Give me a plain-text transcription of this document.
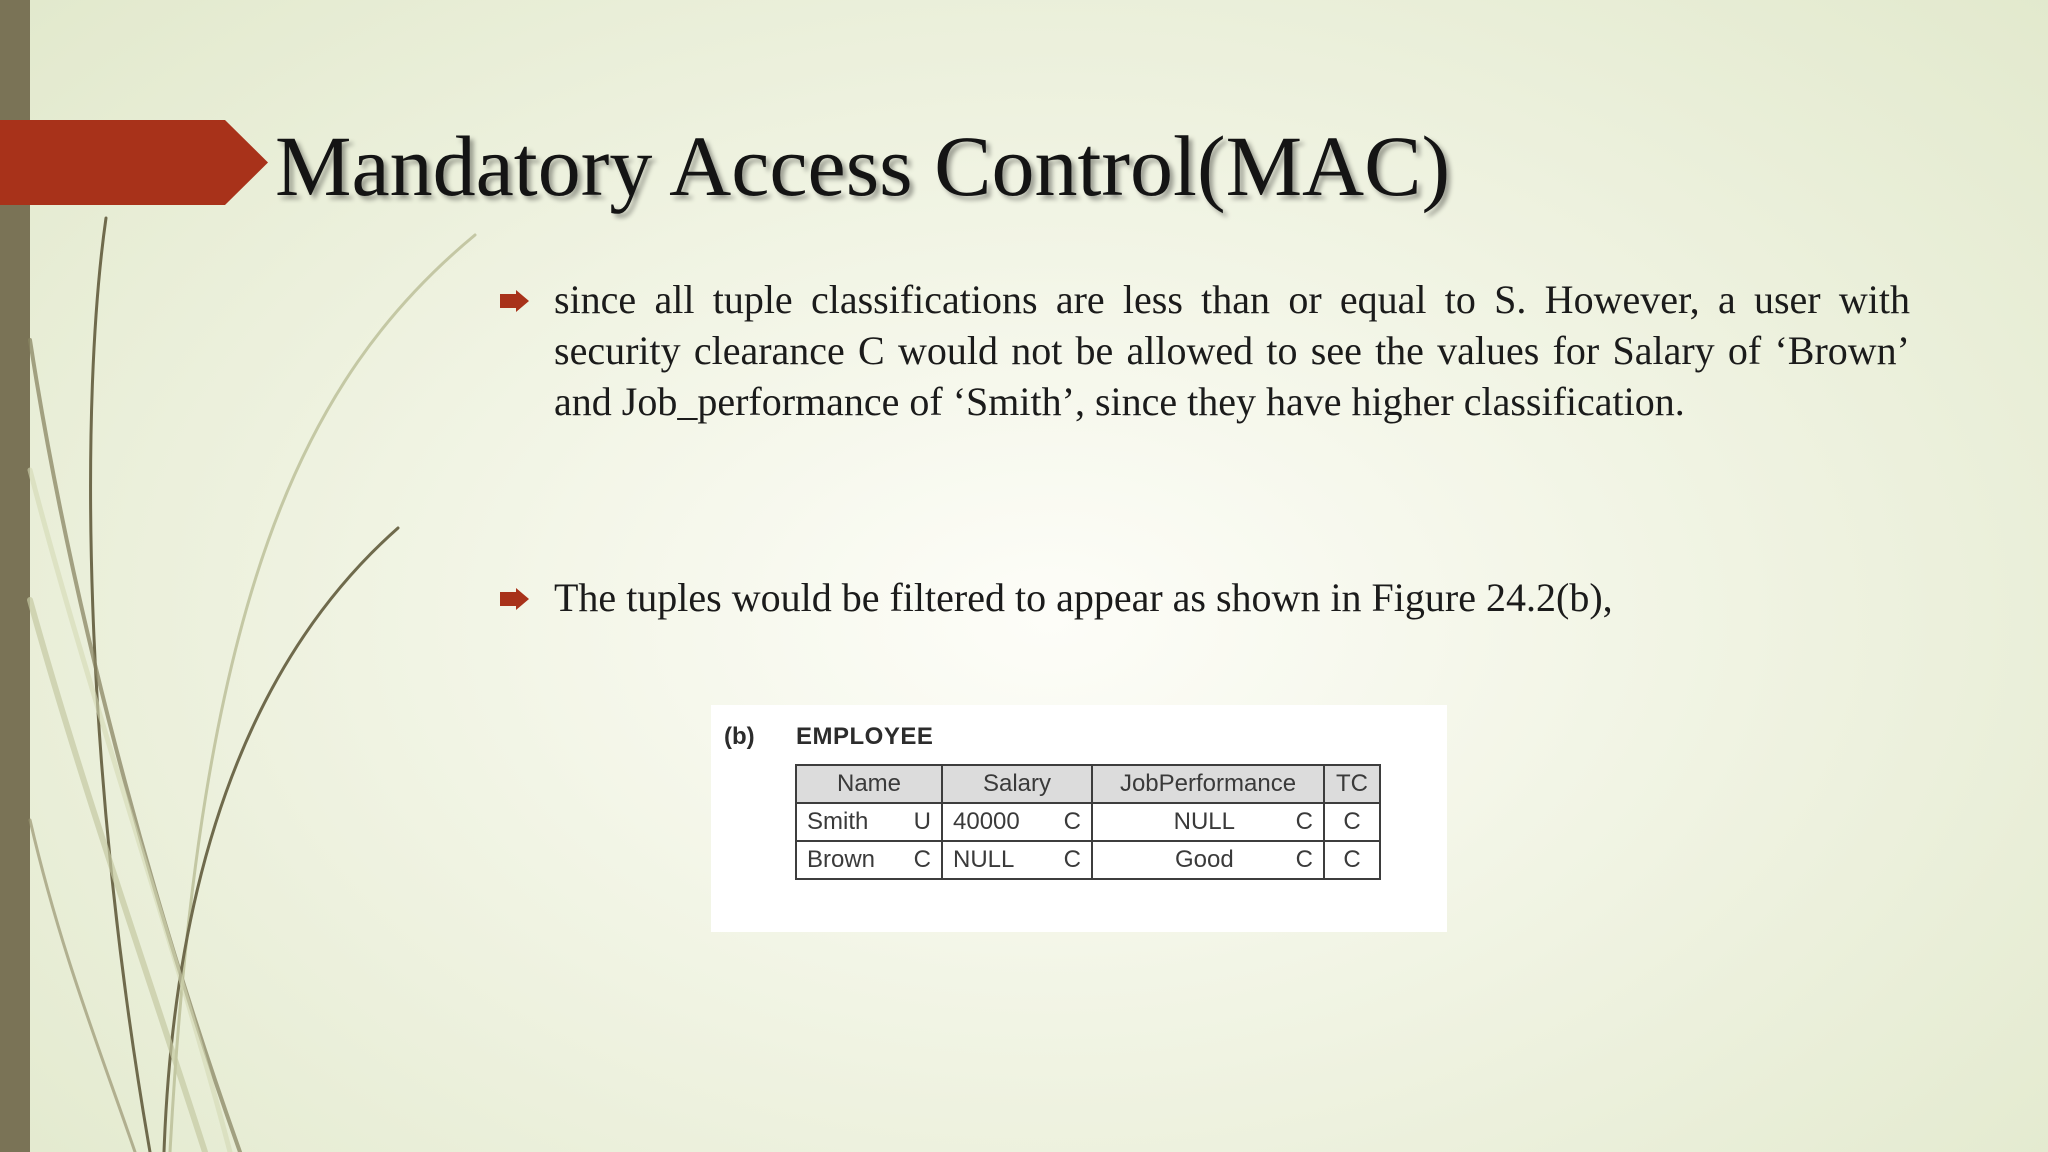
Mandatory Access Control(MAC)

since all tuple classifications are less than or equal to S. However, a user with security clearance C would not be allowed to see the values for Salary of ‘Brown’ and Job_performance of ‘Smith’, since they have higher classification.

The tuples would be filtered to appear as shown in Figure 24.2(b),

(b) EMPLOYEE
Name	Salary	JobPerformance	TC

Smith U	40000 C	NULL C	C

Brown C	NULL C	Good C	C
